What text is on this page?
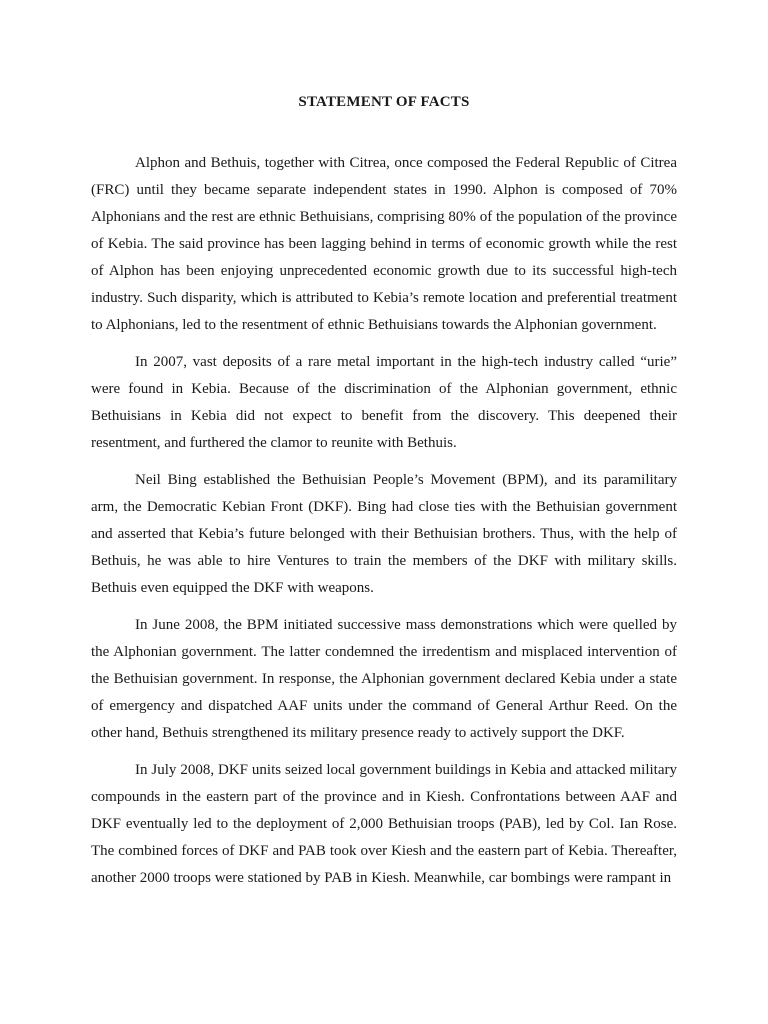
STATEMENT OF FACTS

Alphon and Bethuis, together with Citrea, once composed the Federal Republic of Citrea (FRC) until they became separate independent states in 1990. Alphon is composed of 70% Alphonians and the rest are ethnic Bethuisians, comprising 80% of the population of the province of Kebia. The said province has been lagging behind in terms of economic growth while the rest of Alphon has been enjoying unprecedented economic growth due to its successful high-tech industry. Such disparity, which is attributed to Kebia’s remote location and preferential treatment to Alphonians, led to the resentment of ethnic Bethuisians towards the Alphonian government.

In 2007, vast deposits of a rare metal important in the high-tech industry called “urie” were found in Kebia. Because of the discrimination of the Alphonian government, ethnic Bethuisians in Kebia did not expect to benefit from the discovery. This deepened their resentment, and furthered the clamor to reunite with Bethuis.

Neil Bing established the Bethuisian People’s Movement (BPM), and its paramilitary arm, the Democratic Kebian Front (DKF). Bing had close ties with the Bethuisian government and asserted that Kebia’s future belonged with their Bethuisian brothers. Thus, with the help of Bethuis, he was able to hire Ventures to train the members of the DKF with military skills. Bethuis even equipped the DKF with weapons.

In June 2008, the BPM initiated successive mass demonstrations which were quelled by the Alphonian government. The latter condemned the irredentism and misplaced intervention of the Bethuisian government. In response, the Alphonian government declared Kebia under a state of emergency and dispatched AAF units under the command of General Arthur Reed. On the other hand, Bethuis strengthened its military presence ready to actively support the DKF.

In July 2008, DKF units seized local government buildings in Kebia and attacked military compounds in the eastern part of the province and in Kiesh. Confrontations between AAF and DKF eventually led to the deployment of 2,000 Bethuisian troops (PAB), led by Col. Ian Rose. The combined forces of DKF and PAB took over Kiesh and the eastern part of Kebia. Thereafter, another 2000 troops were stationed by PAB in Kiesh. Meanwhile, car bombings were rampant in
